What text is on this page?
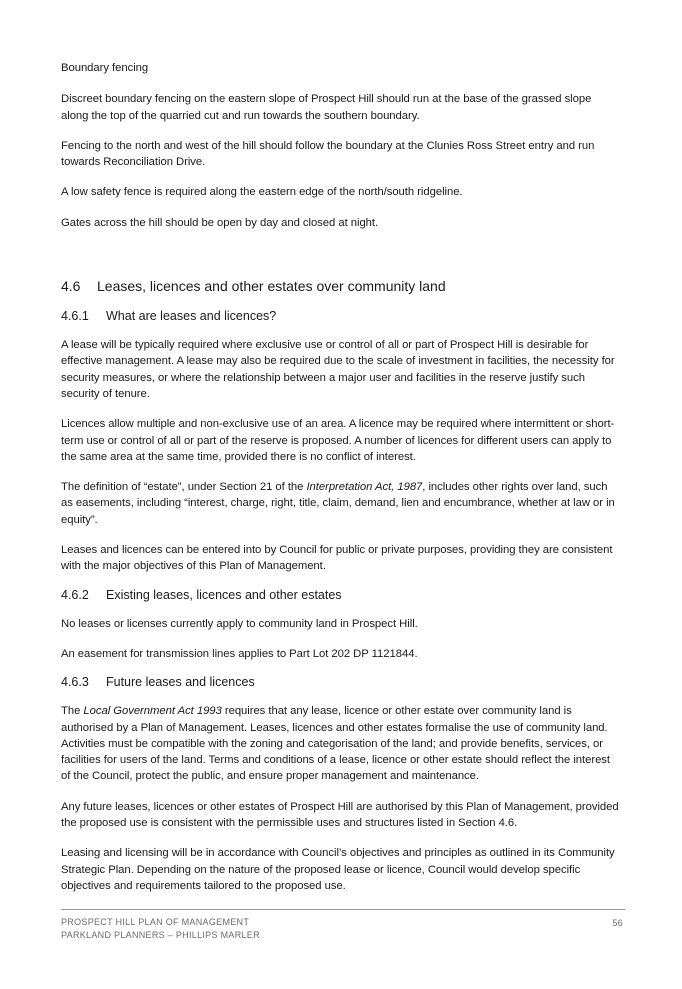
Boundary fencing

Discreet boundary fencing on the eastern slope of Prospect Hill should run at the base of the grassed slope along the top of the quarried cut and run towards the southern boundary.

Fencing to the north and west of the hill should follow the boundary at the Clunies Ross Street entry and run towards Reconciliation Drive.

A low safety fence is required along the eastern edge of the north/south ridgeline.

Gates across the hill should be open by day and closed at night.

4.6	Leases, licences and other estates over community land
4.6.1	What are leases and licences?

A lease will be typically required where exclusive use or control of all or part of Prospect Hill is desirable for effective management. A lease may also be required due to the scale of investment in facilities, the necessity for security measures, or where the relationship between a major user and facilities in the reserve justify such security of tenure.

Licences allow multiple and non-exclusive use of an area. A licence may be required where intermittent or short- term use or control of all or part of the reserve is proposed. A number of licences for different users can apply to the same area at the same time, provided there is no conflict of interest.

The definition of “estate”, under Section 21 of the Interpretation Act, 1987, includes other rights over land, such as easements, including “interest, charge, right, title, claim, demand, lien and encumbrance, whether at law or in equity”.

Leases and licences can be entered into by Council for public or private purposes, providing they are consistent with the major objectives of this Plan of Management.

4.6.2	Existing leases, licences and other estates

No leases or licenses currently apply to community land in Prospect Hill.

An easement for transmission lines applies to Part Lot 202 DP 1121844.

4.6.3	Future leases and licences

The Local Government Act 1993 requires that any lease, licence or other estate over community land is authorised by a Plan of Management. Leases, licences and other estates formalise the use of community land. Activities must be compatible with the zoning and categorisation of the land; and provide benefits, services, or facilities for users of the land. Terms and conditions of a lease, licence or other estate should reflect the interest of the Council, protect the public, and ensure proper management and maintenance.

Any future leases, licences or other estates of Prospect Hill are authorised by this Plan of Management, provided the proposed use is consistent with the permissible uses and structures listed in Section 4.6.

Leasing and licensing will be in accordance with Council’s objectives and principles as outlined in its Community Strategic Plan. Depending on the nature of the proposed lease or licence, Council would develop specific objectives and requirements tailored to the proposed use.

PROSPECT HILL PLAN OF MANAGEMENT
PARKLAND PLANNERS – PHILLIPS MARLER
56
